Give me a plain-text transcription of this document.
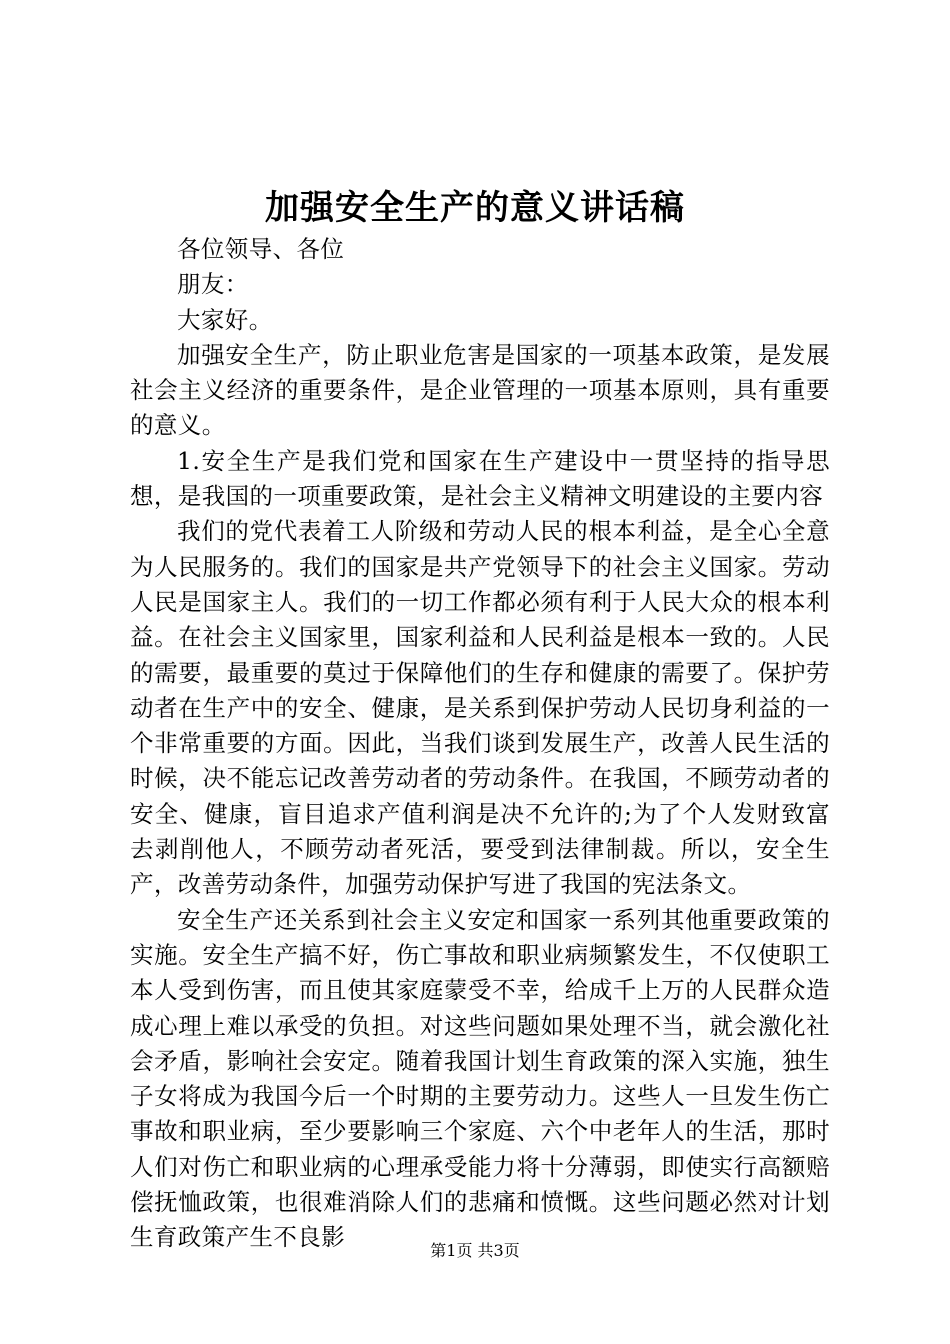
加强安全生产的意义讲话稿

各位领导、各位

朋友：

大家好。

加强安全生产，防止职业危害是国家的一项基本政策，是发展社会主义经济的重要条件，是企业管理的一项基本原则，具有重要的意义。

1.安全生产是我们党和国家在生产建设中一贯坚持的指导思想，是我国的一项重要政策，是社会主义精神文明建设的主要内容

我们的党代表着工人阶级和劳动人民的根本利益，是全心全意为人民服务的。我们的国家是共产党领导下的社会主义国家。劳动人民是国家主人。我们的一切工作都必须有利于人民大众的根本利益。在社会主义国家里，国家利益和人民利益是根本一致的。人民的需要，最重要的莫过于保障他们的生存和健康的需要了。保护劳动者在生产中的安全、健康，是关系到保护劳动人民切身利益的一个非常重要的方面。因此，当我们谈到发展生产，改善人民生活的时候，决不能忘记改善劳动者的劳动条件。在我国，不顾劳动者的安全、健康，盲目追求产值利润是决不允许的;为了个人发财致富去剥削他人，不顾劳动者死活，要受到法律制裁。所以，安全生产，改善劳动条件，加强劳动保护写进了我国的宪法条文。

安全生产还关系到社会主义安定和国家一系列其他重要政策的实施。安全生产搞不好，伤亡事故和职业病频繁发生，不仅使职工本人受到伤害，而且使其家庭蒙受不幸，给成千上万的人民群众造成心理上难以承受的负担。对这些问题如果处理不当，就会激化社会矛盾，影响社会安定。随着我国计划生育政策的深入实施，独生子女将成为我国今后一个时期的主要劳动力。这些人一旦发生伤亡事故和职业病，至少要影响三个家庭、六个中老年人的生活，那时人们对伤亡和职业病的心理承受能力将十分薄弱，即使实行高额赔偿抚恤政策，也很难消除人们的悲痛和愤慨。这些问题必然对计划生育政策产生不良影	第1页 共3页
